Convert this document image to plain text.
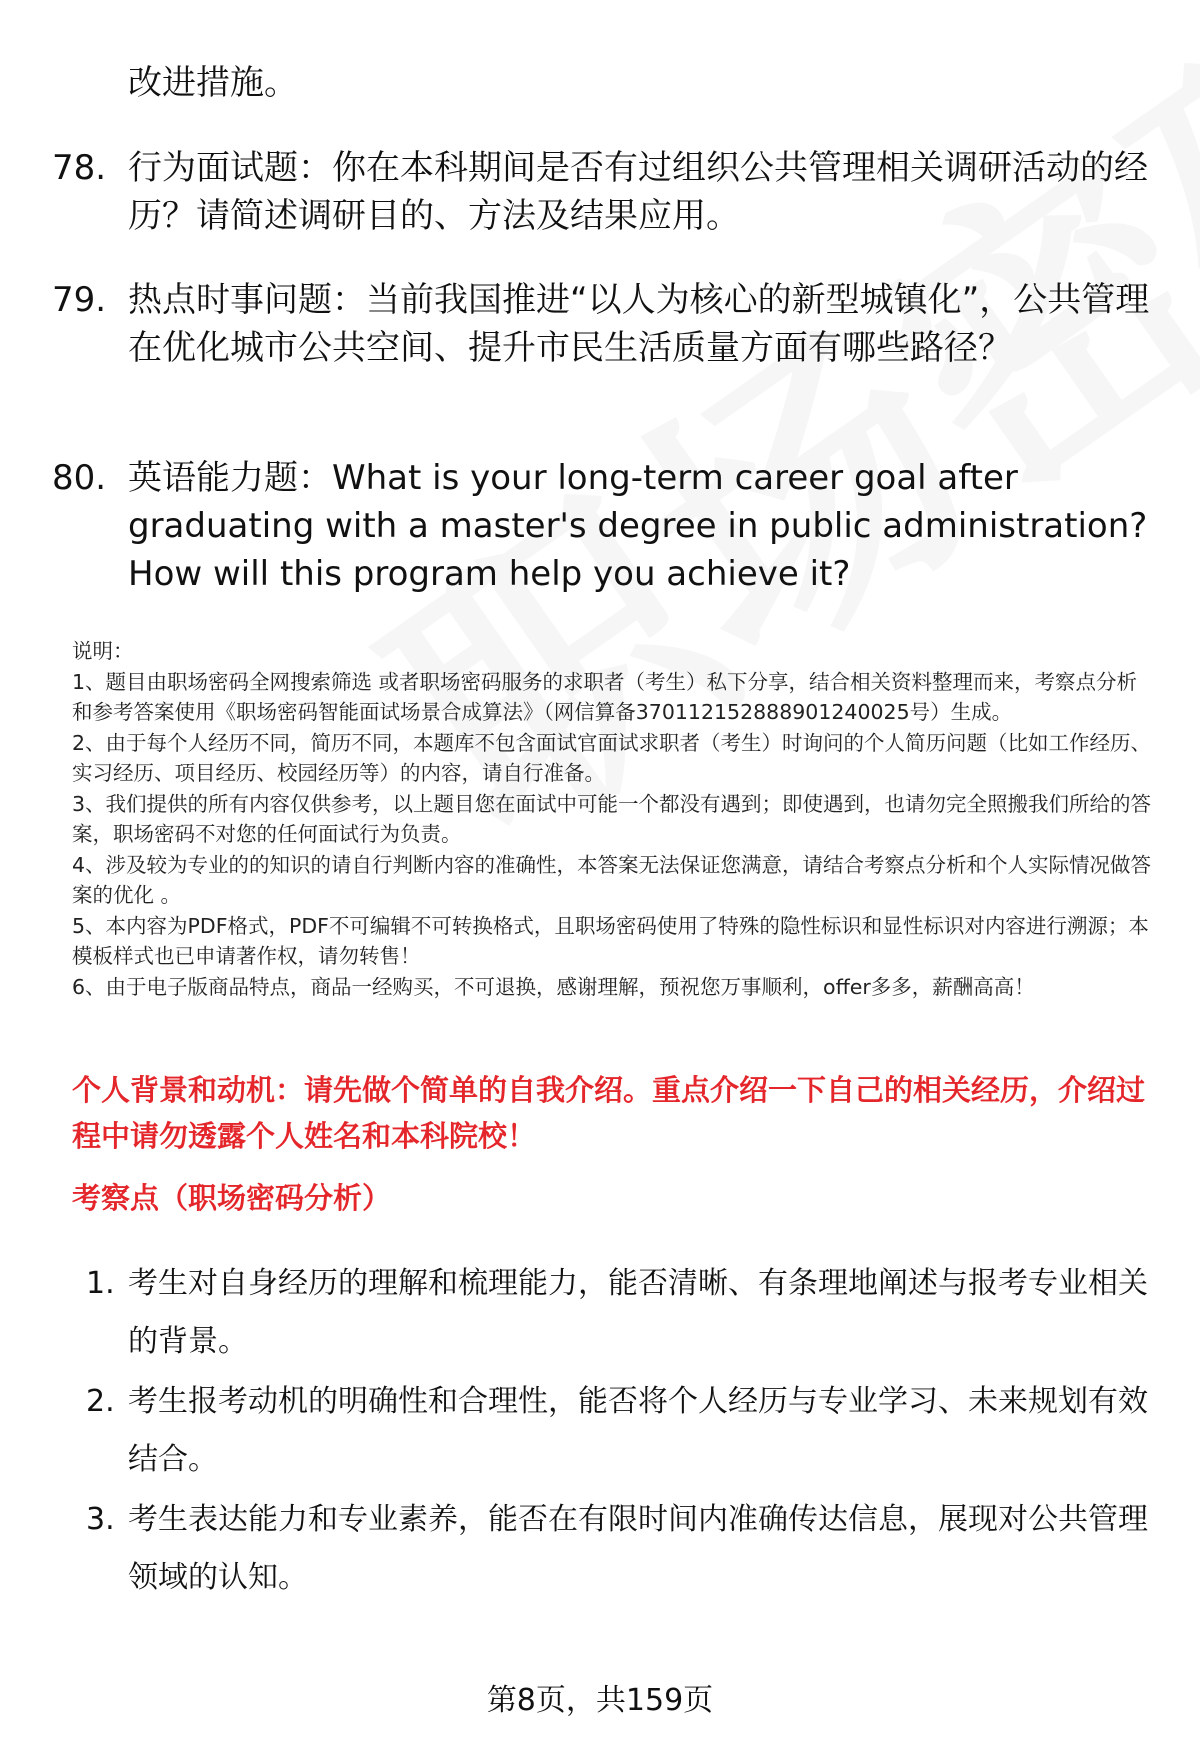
改进措施。
78. 行为面试题：你在本科期间是否有过组织公共管理相关调研活动的经历？请简述调研目的、方法及结果应用。
79. 热点时事问题：当前我国推进“以人为核心的新型城镇化”，公共管理在优化城市公共空间、提升市民生活质量方面有哪些路径？
80. 英语能力题：What is your long-term career goal after graduating with a master's degree in public administration? How will this program help you achieve it?

说明：

1、题目由职场密码全网搜索筛选 或者职场密码服务的求职者（考生）私下分享，结合相关资料整理而来，考察点分析和参考答案使用《职场密码智能面试场景合成算法》（网信算备370112152888901240025号）生成。

2、由于每个人经历不同，简历不同，本题库不包含面试官面试求职者（考生）时询问的个人简历问题（比如工作经历、实习经历、项目经历、校园经历等）的内容，请自行准备。

3、我们提供的所有内容仅供参考，以上题目您在面试中可能一个都没有遇到；即使遇到，也请勿完全照搬我们所给的答案，职场密码不对您的任何面试行为负责。

4、涉及较为专业的的知识的请自行判断内容的准确性，本答案无法保证您满意，请结合考察点分析和个人实际情况做答案的优化 。

5、本内容为PDF格式，PDF不可编辑不可转换格式，且职场密码使用了特殊的隐性标识和显性标识对内容进行溯源；本模板样式也已申请著作权，请勿转售！

6、由于电子版商品特点，商品一经购买，不可退换，感谢理解，预祝您万事顺利，offer多多，薪酬高高！

个人背景和动机：请先做个简单的自我介绍。重点介绍一下自己的相关经历，介绍过程中请勿透露个人姓名和本科院校！
考察点（职场密码分析）
1. 考生对自身经历的理解和梳理能力，能否清晰、有条理地阐述与报考专业相关的背景。
2. 考生报考动机的明确性和合理性，能否将个人经历与专业学习、未来规划有效结合。
3. 考生表达能力和专业素养，能否在有限时间内准确传达信息，展现对公共管理领域的认知。
第8页，共159页
